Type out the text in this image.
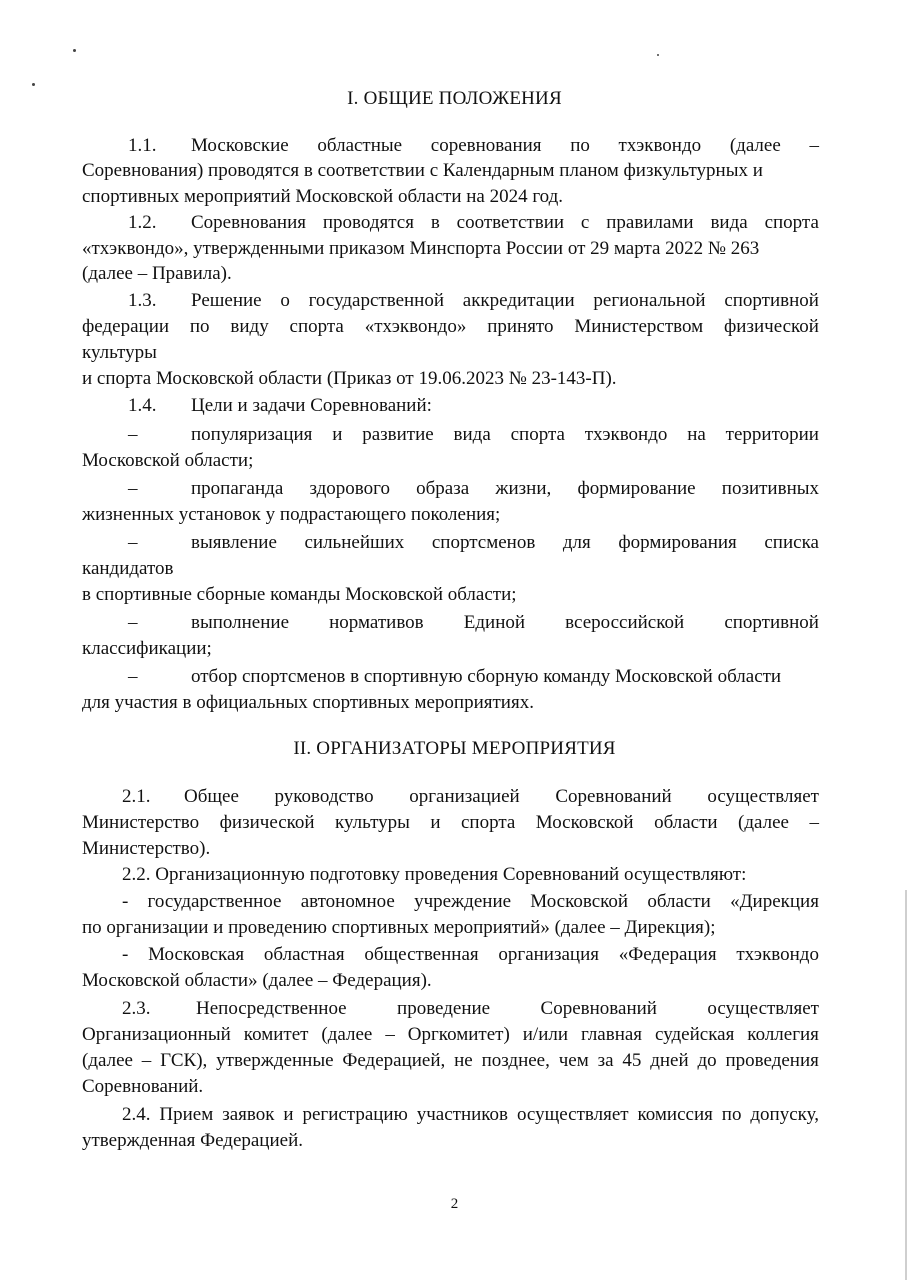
I. ОБЩИЕ ПОЛОЖЕНИЯ
1.1. Московские областные соревнования по тхэквондо (далее –
Соревнования) проводятся в соответствии с Календарным планом физкультурных и
спортивных мероприятий Московской области на 2024 год.
1.2. Соревнования проводятся в соответствии с правилами вида спорта
«тхэквондо», утвержденными приказом Минспорта России от 29 марта 2022 № 263
(далее – Правила).
1.3. Решение о государственной аккредитации региональной спортивной
федерации по виду спорта «тхэквондо» принято Министерством физической
культуры
и спорта Московской области (Приказ от 19.06.2023 № 23-143-П).
1.4. Цели и задачи Соревнований:
–	популяризация и развитие вида спорта тхэквондо на территории
Московской области;
–	пропаганда здорового образа жизни, формирование позитивных
жизненных установок у подрастающего поколения;
–	выявление сильнейших спортсменов для формирования списка
кандидатов
в спортивные сборные команды Московской области;
–	выполнение нормативов Единой всероссийской спортивной
классификации;
–	отбор спортсменов в спортивную сборную команду Московской области
для участия в официальных спортивных мероприятиях.
II. ОРГАНИЗАТОРЫ МЕРОПРИЯТИЯ
2.1. Общее руководство организацией Соревнований осуществляет
Министерство физической культуры и спорта Московской области (далее –
Министерство).
2.2. Организационную подготовку проведения Соревнований осуществляют:
- государственное автономное учреждение Московской области «Дирекция
по организации и проведению спортивных мероприятий» (далее – Дирекция);
- Московская областная общественная организация «Федерация тхэквондо
Московской области» (далее – Федерация).
2.3. Непосредственное	проведение	Соревнований	осуществляет
Организационный комитет (далее – Оргкомитет) и/или главная судейская коллегия
(далее – ГСК), утвержденные Федерацией, не позднее, чем за 45 дней до проведения
Соревнований.
2.4. Прием заявок и регистрацию участников осуществляет комиссия по допуску,
утвержденная Федерацией.
2
